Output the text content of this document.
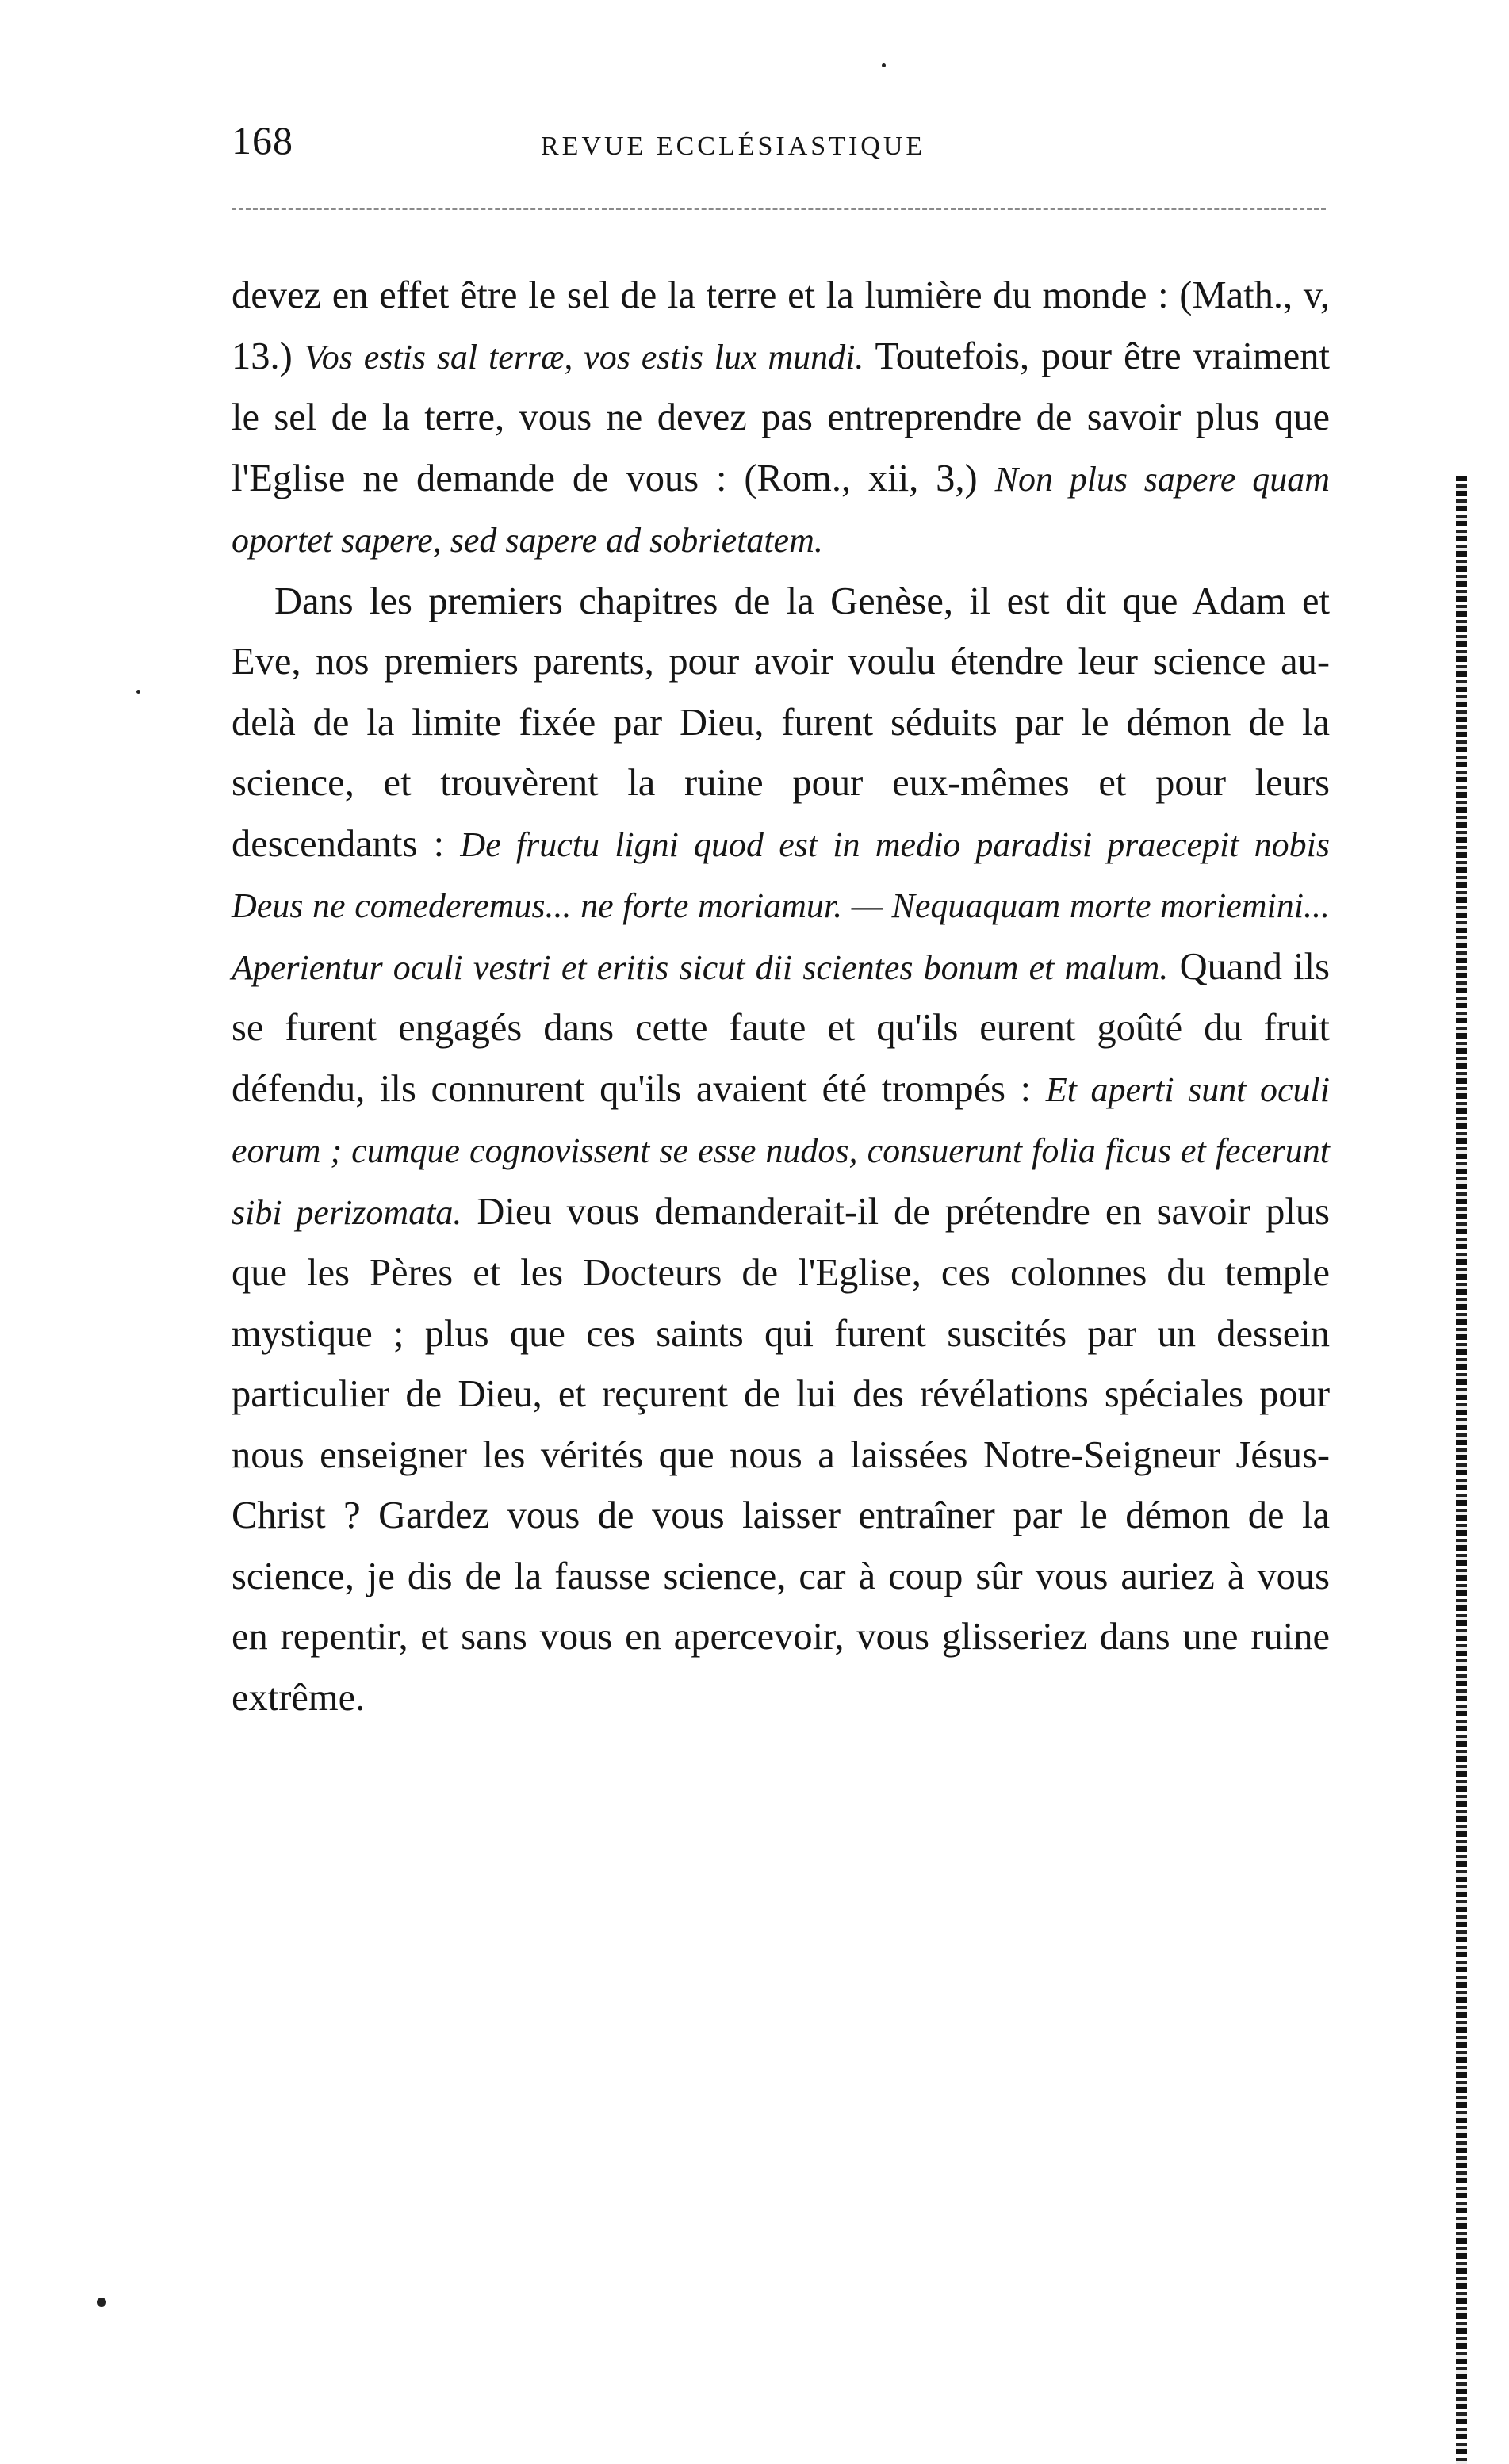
168	REVUE ECCLÉSIASTIQUE

devez en effet être le sel de la terre et la lumière du monde : (Math., v, 13.) Vos estis sal terræ, vos estis lux mundi. Toutefois, pour être vraiment le sel de la terre, vous ne devez pas entreprendre de savoir plus que l'Eglise ne demande de vous : (Rom., xii, 3,) Non plus sapere quam oportet sapere, sed sapere ad sobrietatem.

Dans les premiers chapitres de la Genèse, il est dit que Adam et Eve, nos premiers parents, pour avoir voulu étendre leur science au-delà de la limite fixée par Dieu, furent séduits par le démon de la science, et trouvèrent la ruine pour eux-mêmes et pour leurs descendants : De fructu ligni quod est in medio paradisi praecepit nobis Deus ne comederemus... ne forte moriamur. — Nequaquam morte moriemini... Aperientur oculi vestri et eritis sicut dii scientes bonum et malum. Quand ils se furent engagés dans cette faute et qu'ils eurent goûté du fruit défendu, ils connurent qu'ils avaient été trompés : Et aperti sunt oculi eorum ; cumque cognovissent se esse nudos, consuerunt folia ficus et fecerunt sibi perizomata. Dieu vous demanderait-il de prétendre en savoir plus que les Pères et les Docteurs de l'Eglise, ces colonnes du temple mystique ; plus que ces saints qui furent suscités par un dessein particulier de Dieu, et reçurent de lui des révélations spéciales pour nous enseigner les vérités que nous a laissées Notre-Seigneur Jésus-Christ ? Gardez vous de vous laisser entraîner par le démon de la science, je dis de la fausse science, car à coup sûr vous auriez à vous en repentir, et sans vous en apercevoir, vous glisseriez dans une ruine extrême.
